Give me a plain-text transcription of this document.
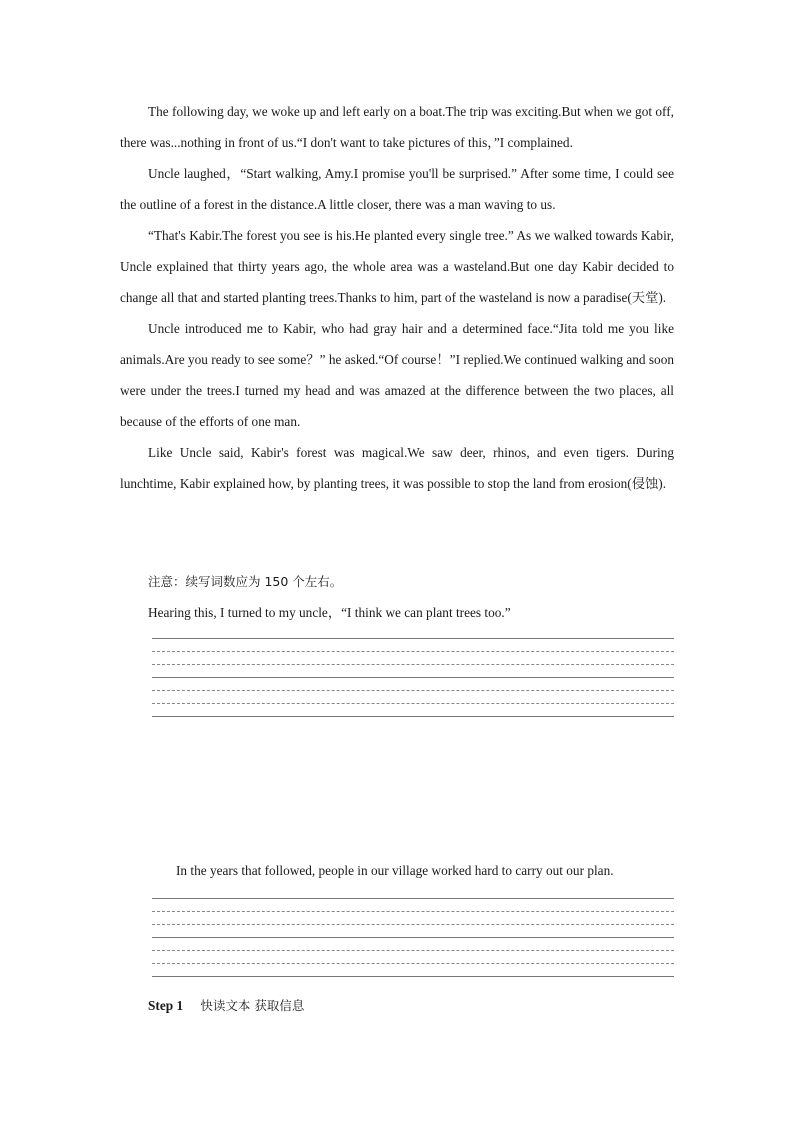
The following day, we woke up and left early on a boat.The trip was exciting.But when we got off, there was...nothing in front of us.“I don't want to take pictures of this，”I complained.

Uncle laughed，“Start walking, Amy.I promise you'll be surprised.” After some time, I could see the outline of a forest in the distance.A little closer, there was a man waving to us.

“That's Kabir.The forest you see is his.He planted every single tree.” As we walked towards Kabir, Uncle explained that thirty years ago, the whole area was a wasteland.But one day Kabir decided to change all that and started planting trees.Thanks to him, part of the wasteland is now a paradise(天堂).

Uncle introduced me to Kabir, who had gray hair and a determined face.“Jita told me you like animals.Are you ready to see some？” he asked.“Of course！”I replied.We continued walking and soon were under the trees.I turned my head and was amazed at the difference between the two places, all because of the efforts of one man.

Like Uncle said, Kabir's forest was magical.We saw deer, rhinos, and even tigers. During lunchtime, Kabir explained how, by planting trees, it was possible to stop the land from erosion(侵蚀).

注意：续写词数应为 150 个左右。
Hearing this, I turned to my uncle，“I think we can plant trees too.”
In the years that followed, people in our village worked hard to carry out our plan.
Step 1 快读文本 获取信息
